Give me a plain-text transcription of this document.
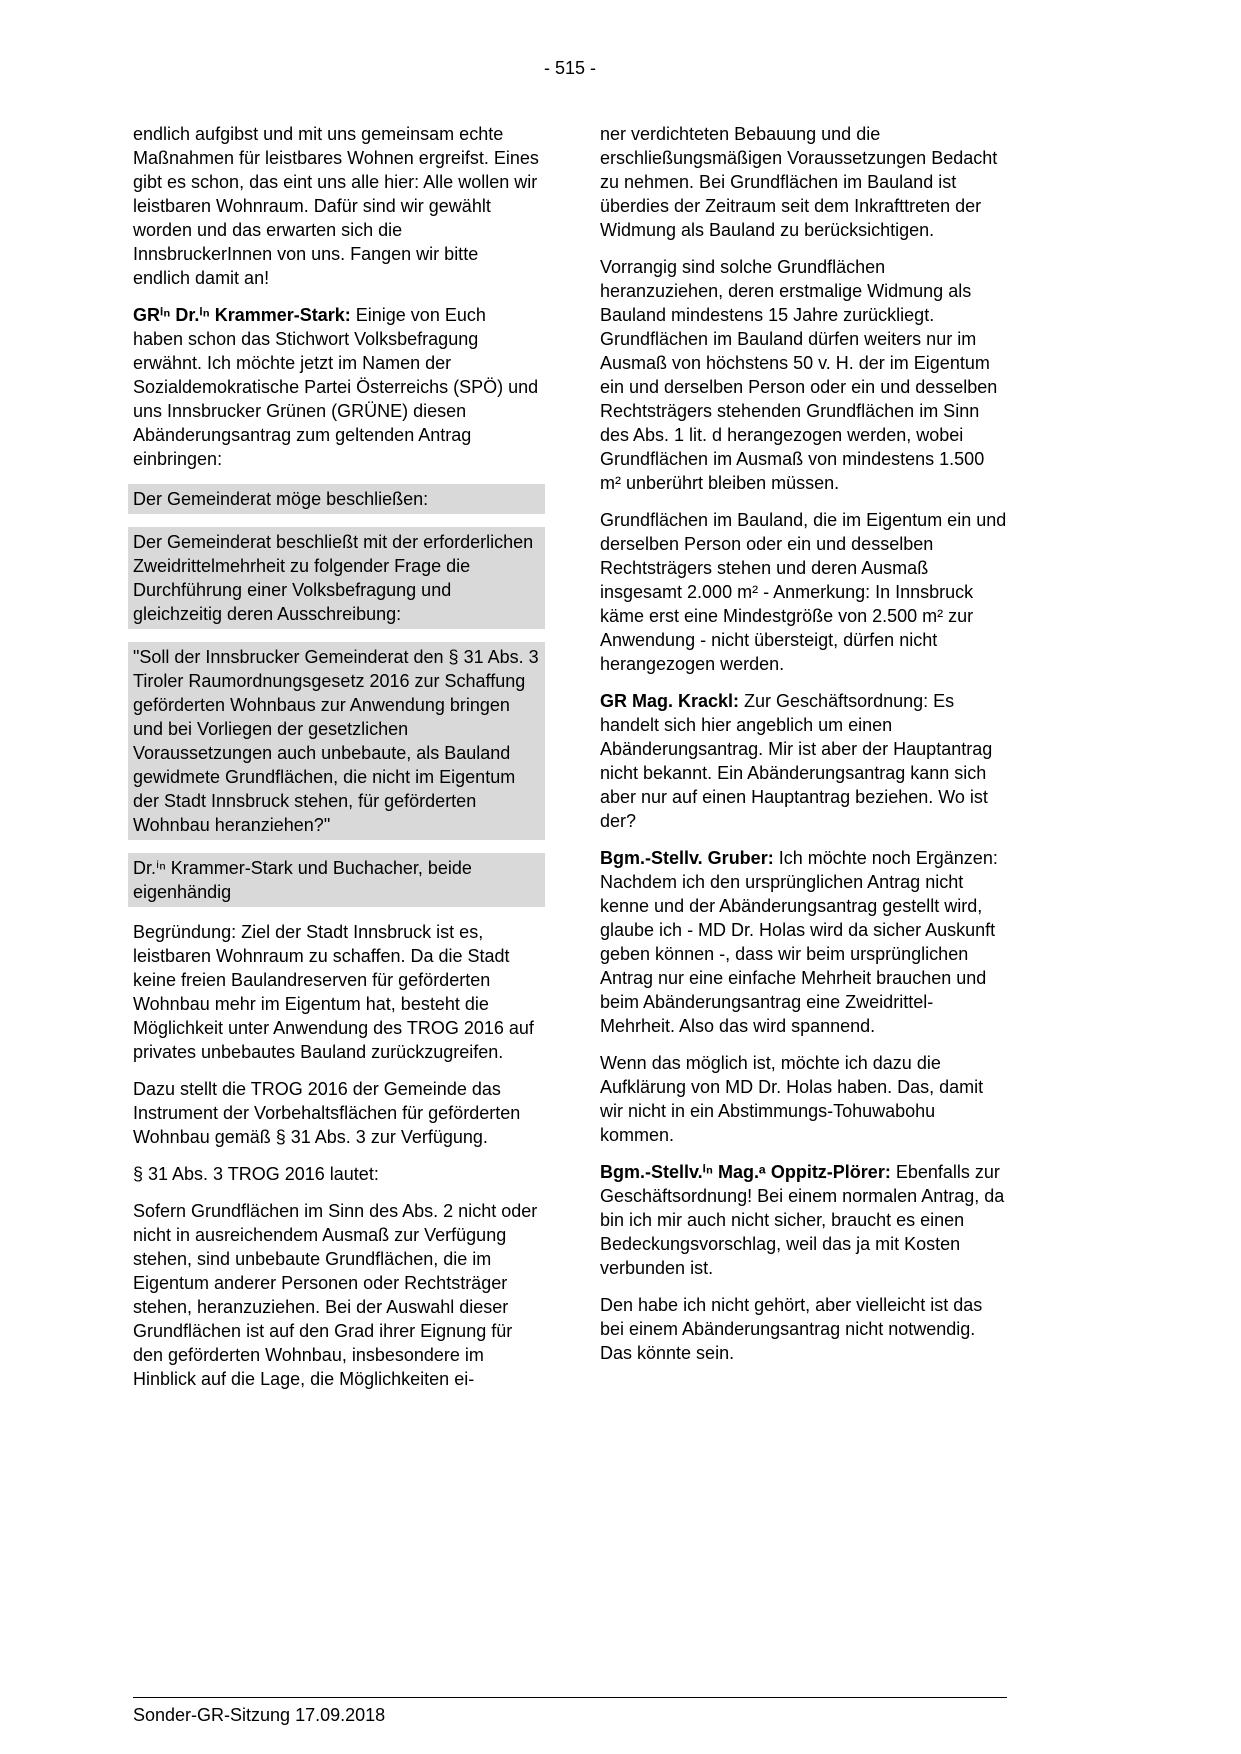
- 515 -

endlich aufgibst und mit uns gemeinsam echte Maßnahmen für leistbares Wohnen ergreifst. Eines gibt es schon, das eint uns alle hier: Alle wollen wir leistbaren Wohnraum. Dafür sind wir gewählt worden und das erwarten sich die InnsbruckerInnen von uns. Fangen wir bitte endlich damit an!

GRⁱⁿ Dr.ⁱⁿ Krammer-Stark: Einige von Euch haben schon das Stichwort Volksbefragung erwähnt. Ich möchte jetzt im Namen der Sozialdemokratische Partei Österreichs (SPÖ) und uns Innsbrucker Grünen (GRÜNE) diesen Abänderungsantrag zum geltenden Antrag einbringen:

Der Gemeinderat möge beschließen:

Der Gemeinderat beschließt mit der erforderlichen Zweidrittelmehrheit zu folgender Frage die Durchführung einer Volksbefragung und gleichzeitig deren Ausschreibung:

"Soll der Innsbrucker Gemeinderat den § 31 Abs. 3 Tiroler Raumordnungsgesetz 2016 zur Schaffung geförderten Wohnbaus zur Anwendung bringen und bei Vorliegen der gesetzlichen Voraussetzungen auch unbebaute, als Bauland gewidmete Grundflächen, die nicht im Eigentum der Stadt Innsbruck stehen, für geförderten Wohnbau heranziehen?"

Dr.ⁱⁿ Krammer-Stark und Buchacher, beide eigenhändig

Begründung: Ziel der Stadt Innsbruck ist es, leistbaren Wohnraum zu schaffen. Da die Stadt keine freien Baulandreserven für geförderten Wohnbau mehr im Eigentum hat, besteht die Möglichkeit unter Anwendung des TROG 2016 auf privates unbebautes Bauland zurückzugreifen.

Dazu stellt die TROG 2016 der Gemeinde das Instrument der Vorbehaltsflächen für geförderten Wohnbau gemäß § 31 Abs. 3 zur Verfügung.

§ 31 Abs. 3 TROG 2016 lautet:

Sofern Grundflächen im Sinn des Abs. 2 nicht oder nicht in ausreichendem Ausmaß zur Verfügung stehen, sind unbebaute Grundflächen, die im Eigentum anderer Personen oder Rechtsträger stehen, heranzuziehen. Bei der Auswahl dieser Grundflächen ist auf den Grad ihrer Eignung für den geförderten Wohnbau, insbesondere im Hinblick auf die Lage, die Möglichkeiten ei-

ner verdichteten Bebauung und die erschließungsmäßigen Voraussetzungen Bedacht zu nehmen. Bei Grundflächen im Bauland ist überdies der Zeitraum seit dem Inkrafttreten der Widmung als Bauland zu berücksichtigen.

Vorrangig sind solche Grundflächen heranzuziehen, deren erstmalige Widmung als Bauland mindestens 15 Jahre zurückliegt. Grundflächen im Bauland dürfen weiters nur im Ausmaß von höchstens 50 v. H. der im Eigentum ein und derselben Person oder ein und desselben Rechtsträgers stehenden Grundflächen im Sinn des Abs. 1 lit. d herangezogen werden, wobei Grundflächen im Ausmaß von mindestens 1.500 m² unberührt bleiben müssen.

Grundflächen im Bauland, die im Eigentum ein und derselben Person oder ein und desselben Rechtsträgers stehen und deren Ausmaß insgesamt 2.000 m² - Anmerkung: In Innsbruck käme erst eine Mindestgröße von 2.500 m² zur Anwendung - nicht übersteigt, dürfen nicht herangezogen werden.

GR Mag. Krackl: Zur Geschäftsordnung: Es handelt sich hier angeblich um einen Abänderungsantrag. Mir ist aber der Hauptantrag nicht bekannt. Ein Abänderungsantrag kann sich aber nur auf einen Hauptantrag beziehen. Wo ist der?

Bgm.-Stellv. Gruber: Ich möchte noch Ergänzen: Nachdem ich den ursprünglichen Antrag nicht kenne und der Abänderungsantrag gestellt wird, glaube ich - MD Dr. Holas wird da sicher Auskunft geben können -, dass wir beim ursprünglichen Antrag nur eine einfache Mehrheit brauchen und beim Abänderungsantrag eine Zweidrittel-Mehrheit. Also das wird spannend.

Wenn das möglich ist, möchte ich dazu die Aufklärung von MD Dr. Holas haben. Das, damit wir nicht in ein Abstimmungs-Tohuwabohu kommen.

Bgm.-Stellv.ⁱⁿ Mag.ᵃ Oppitz-Plörer: Ebenfalls zur Geschäftsordnung! Bei einem normalen Antrag, da bin ich mir auch nicht sicher, braucht es einen Bedeckungsvorschlag, weil das ja mit Kosten verbunden ist.

Den habe ich nicht gehört, aber vielleicht ist das bei einem Abänderungsantrag nicht notwendig. Das könnte sein.

Sonder-GR-Sitzung 17.09.2018
